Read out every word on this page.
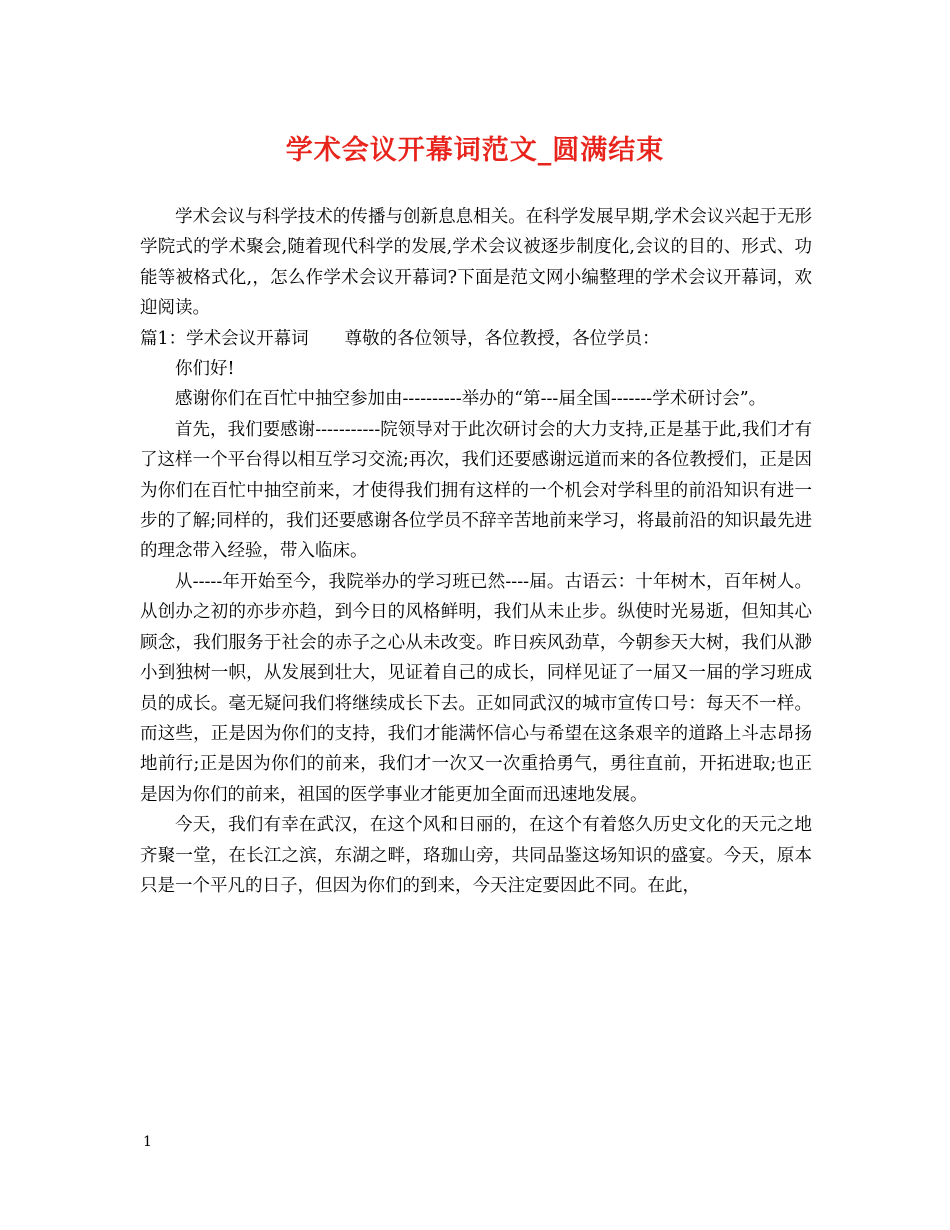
学术会议开幕词范文_圆满结束

学术会议与科学技术的传播与创新息息相关。在科学发展早期,学术会议兴起于无形学院式的学术聚会,随着现代科学的发展,学术会议被逐步制度化,会议的目的、形式、功能等被格式化,，怎么作学术会议开幕词?下面是范文网小编整理的学术会议开幕词，欢迎阅读。

篇1：学术会议开幕词 尊敬的各位领导，各位教授，各位学员：

你们好!

感谢你们在百忙中抽空参加由----------举办的“第---届全国-------学术研讨会”。

首先，我们要感谢-----------院领导对于此次研讨会的大力支持,正是基于此,我们才有了这样一个平台得以相互学习交流;再次，我们还要感谢远道而来的各位教授们，正是因为你们在百忙中抽空前来，才使得我们拥有这样的一个机会对学科里的前沿知识有进一步的了解;同样的，我们还要感谢各位学员不辞辛苦地前来学习，将最前沿的知识最先进的理念带入经验，带入临床。

从-----年开始至今，我院举办的学习班已然----届。古语云：十年树木，百年树人。从创办之初的亦步亦趋，到今日的风格鲜明，我们从未止步。纵使时光易逝，但知其心顾念，我们服务于社会的赤子之心从未改变。昨日疾风劲草，今朝参天大树，我们从渺小到独树一帜，从发展到壮大，见证着自己的成长，同样见证了一届又一届的学习班成员的成长。毫无疑问我们将继续成长下去。正如同武汉的城市宣传口号：每天不一样。而这些，正是因为你们的支持，我们才能满怀信心与希望在这条艰辛的道路上斗志昂扬地前行;正是因为你们的前来，我们才一次又一次重拾勇气，勇往直前，开拓进取;也正是因为你们的前来，祖国的医学事业才能更加全面而迅速地发展。

今天，我们有幸在武汉，在这个风和日丽的，在这个有着悠久历史文化的天元之地齐聚一堂，在长江之滨，东湖之畔，珞珈山旁，共同品鉴这场知识的盛宴。今天，原本只是一个平凡的日子，但因为你们的到来，今天注定要因此不同。在此，

1
